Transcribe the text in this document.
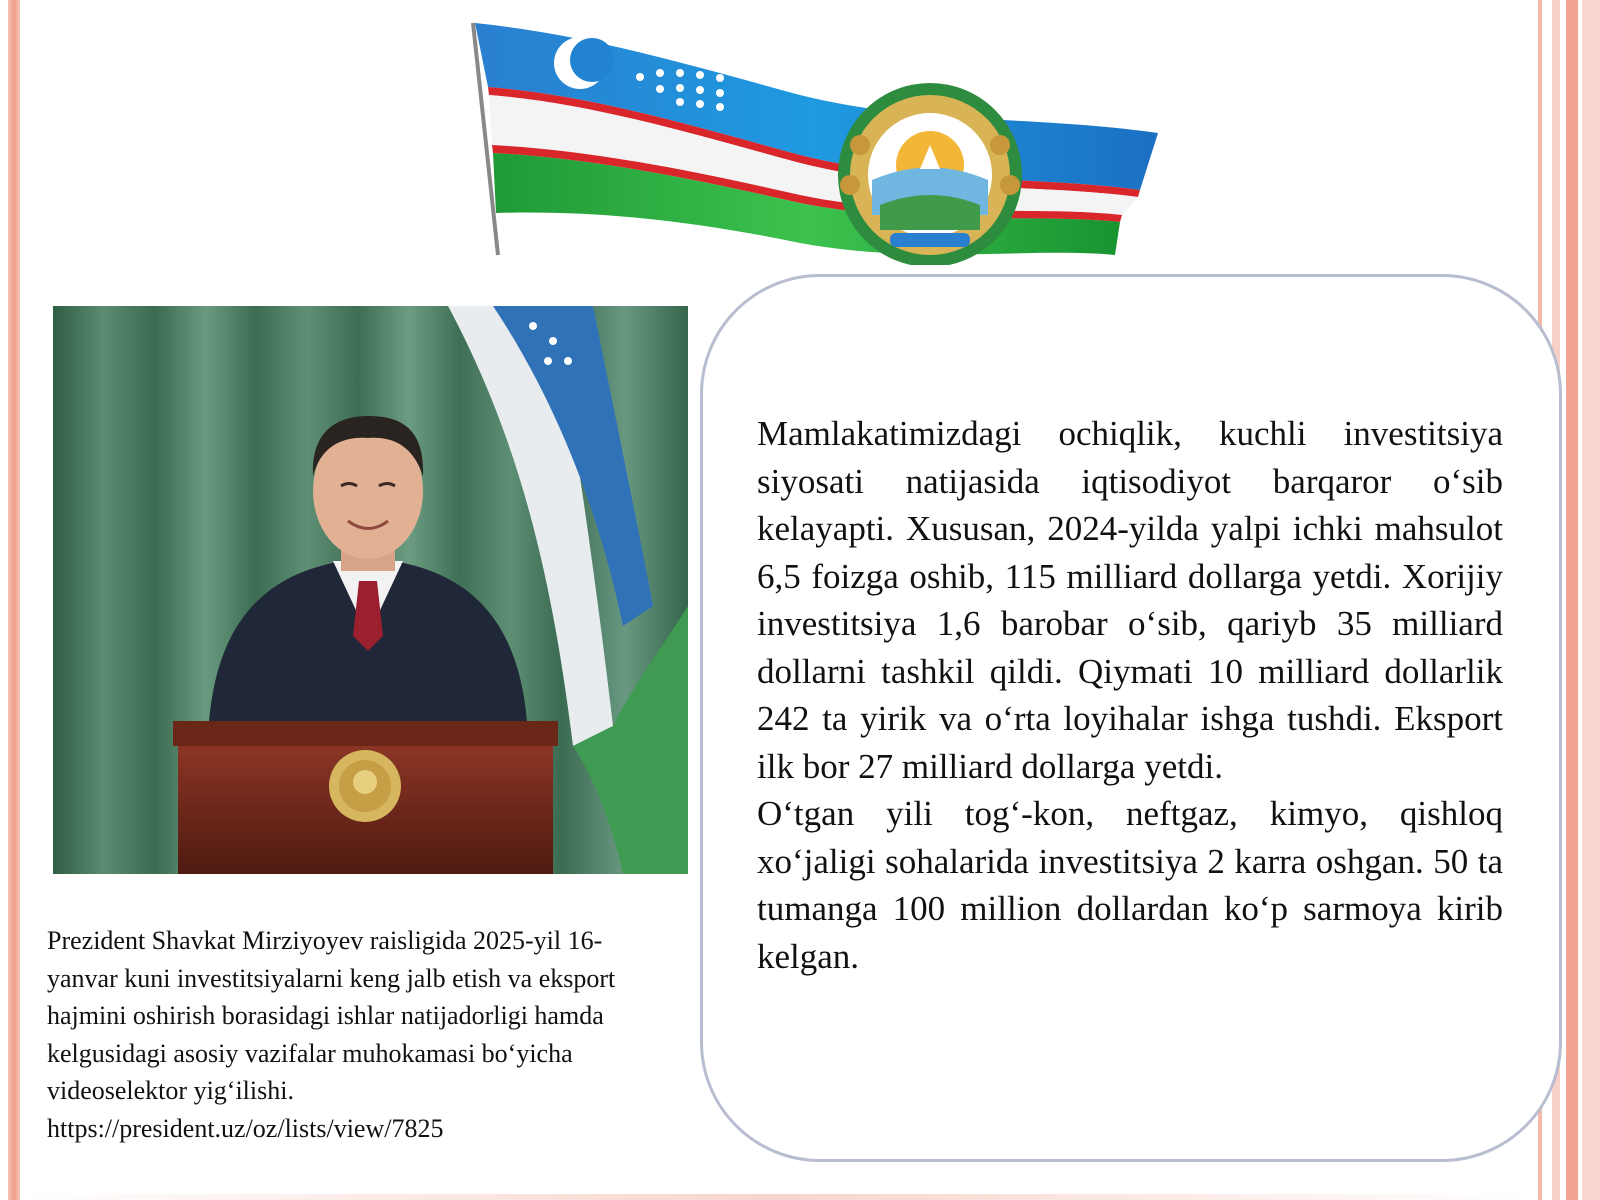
Prezident Shavkat Mirziyoyev raisligida 2025-yil 16-yanvar kuni investitsiyalarni keng jalb etish va eksport hajmini oshirish borasidagi ishlar natijadorligi hamda kelgusidagi asosiy vazifalar muhokamasi bo‘yicha videoselektor yig‘ilishi. https://president.uz/oz/lists/view/7825

Mamlakatimizdagi ochiqlik, kuchli investitsiya siyosati natijasida iqtisodiyot barqaror o‘sib kelayapti. Xususan, 2024-yilda yalpi ichki mahsulot 6,5 foizga oshib, 115 milliard dollarga yetdi. Xorijiy investitsiya 1,6 barobar o‘sib, qariyb 35 milliard dollarni tashkil qildi. Qiymati 10 milliard dollarlik 242 ta yirik va o‘rta loyihalar ishga tushdi. Eksport ilk bor 27 milliard dollarga yetdi.

O‘tgan yili tog‘-kon, neftgaz, kimyo, qishloq xo‘jaligi sohalarida investitsiya 2 karra oshgan. 50 ta tumanga 100 million dollardan ko‘p sarmoya kirib kelgan.
